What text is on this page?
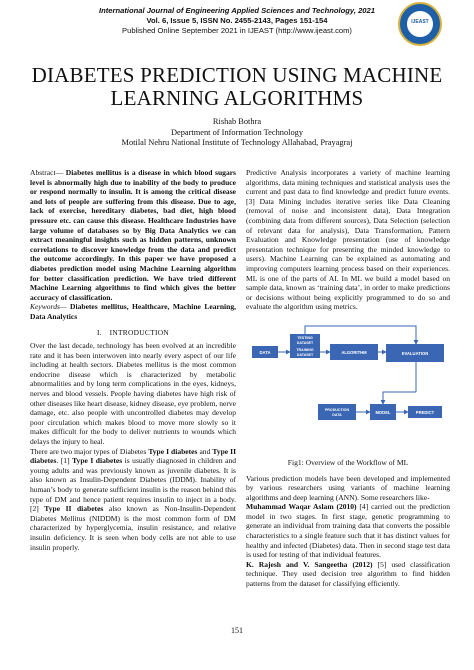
International Journal of Engineering Applied Sciences and Technology, 2021
Vol. 6, Issue 5, ISSN No. 2455-2143, Pages 151-154
Published Online September 2021 in IJEAST (http://www.ijeast.com)
IJEAST
DIABETES PREDICTION USING MACHINE
LEARNING ALGORITHMS
Rishab Bothra
Department of Information Technology
Motilal Nehru National Institute of Technology Allahabad, Prayagraj

Abstract— Diabetes mellitus is a disease in which blood sugars level is abnormally high due to inability of the body to produce or respond normally to insulin. It is among the critical disease and lots of people are suffering from this disease. Due to age, lack of exercise, hereditary diabetes, bad diet, high blood pressure etc. can cause this disease. Healthcare Industries have large volume of databases so by Big Data Analytics we can extract meaningful insights such as hidden patterns, unknown correlations to discover knowledge from the data and predict the outcome accordingly. In this paper we have proposed a diabetes prediction model using Machine Learning algorithm for better classification prediction. We have tried different Machine Learning algorithms to find which gives the better accuracy of classification.

Keywords— Diabetes mellitus, Healthcare, Machine Learning, Data Analytics

I. INTRODUCTION

Over the last decade, technology has been evolved at an incredible rate and it has been interwoven into nearly every aspect of our life including at health sectors. Diabetes mellitus is the most common endocrine disease which is characterized by metabolic abnormalities and by long term complications in the eyes, kidneys, nerves and blood vessels. People having diabetes have high risk of other diseases like heart disease, kidney disease, eye problem, nerve damage, etc. also people with uncontrolled diabetes may develop poor circulation which makes blood to move more slowly so it makes difficult for the body to deliver nutrients to wounds which delays the injury to heal.

There are two major types of Diabetes Type I diabetes and Type II diabetes. [1] Type I diabetes is usually diagnosed in children and young adults and was previously known as juvenile diabetes. It is also known as Insulin-Dependent Diabetes (IDDM). Inability of human’s body to generate sufficient insulin is the reason behind this type of DM and hence patient requires insulin to inject in a body. [2] Type II diabetes also known as Non-Insulin-Dependent Diabetes Mellitus (NIDDM) is the most common form of DM characterized by hyperglycemia, insulin resistance, and relative insulin deficiency. It is seen when body cells are not able to use insulin properly.

Predictive Analysis incorporates a variety of machine learning algorithms, data mining techniques and statistical analysis uses the current and past data to find knowledge and predict future events.[3] Data Mining includes iterative series like Data Cleaning (removal of noise and inconsistent data), Data Integration (combining data from different sources), Data Selection (selection of relevant data for analysis), Data Transformation, Pattern Evaluation and Knowledge presentation (use of knowledge presentation technique for presenting the minded knowledge to users). Machine Learning can be explained as automating and improving computers learning process based on their experiences. ML is one of the parts of AI. In ML we build a model based on sample data, known as ‘training data’, in order to make predictions or decisions without being explicitly programmed to do so and evaluate the algorithm using metrics.

TESTING
DATASET
DATA	TRAINING
DATASET	ALGORITHM	EVALUATION
PRODUCTION
DATA	MODEL	PREDICT
Fig1: Overview of the Workflow of ML

Various prediction models have been developed and implemented by various researchers using variants of machine learning algorithms and deep learning (ANN). Some researchers like-

Muhammad Waqar Aslam (2010) [4] carried out the prediction model in two stages. In first stage, genetic programming to generate an individual from training data that converts the possible characteristics to a single feature such that it has distinct values for healthy and infected (Diabetes) data. Then in second stage test data is used for testing of that individual features.

K. Rajesh and V. Sangeetha (2012) [5] used classification technique. They used decision tree algorithm to find hidden patterns from the dataset for classifying efficiently.

151
